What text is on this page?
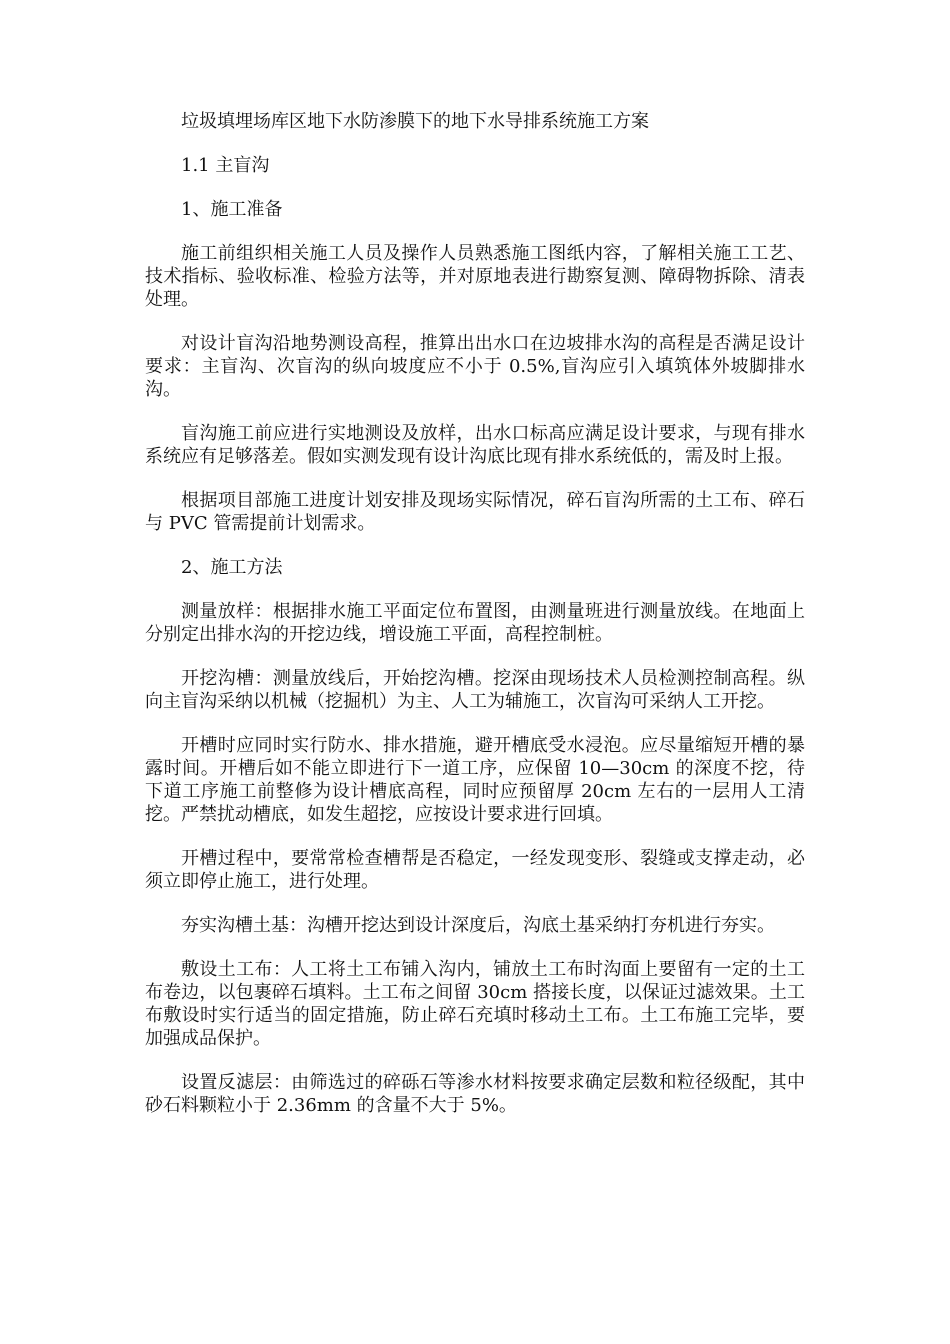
垃圾填埋场库区地下水防渗膜下的地下水导排系统施工方案

1.1 主盲沟

1、施工准备

施工前组织相关施工人员及操作人员熟悉施工图纸内容，了解相关施工工艺、技术指标、验收标准、检验方法等，并对原地表进行勘察复测、障碍物拆除、清表处理。

对设计盲沟沿地势测设高程，推算出出水口在边坡排水沟的高程是否满足设计要求：主盲沟、次盲沟的纵向坡度应不小于 0.5%,盲沟应引入填筑体外坡脚排水沟。

盲沟施工前应进行实地测设及放样，出水口标高应满足设计要求，与现有排水系统应有足够落差。假如实测发现有设计沟底比现有排水系统低的，需及时上报。

根据项目部施工进度计划安排及现场实际情况，碎石盲沟所需的土工布、碎石与 PVC 管需提前计划需求。

2、施工方法

测量放样：根据排水施工平面定位布置图，由测量班进行测量放线。在地面上分别定出排水沟的开挖边线，增设施工平面，高程控制桩。

开挖沟槽：测量放线后，开始挖沟槽。挖深由现场技术人员检测控制高程。纵向主盲沟采纳以机械（挖掘机）为主、人工为辅施工，次盲沟可采纳人工开挖。

开槽时应同时实行防水、排水措施，避开槽底受水浸泡。应尽量缩短开槽的暴露时间。开槽后如不能立即进行下一道工序，应保留 10—30cm 的深度不挖，待下道工序施工前整修为设计槽底高程，同时应预留厚 20cm 左右的一层用人工清挖。严禁扰动槽底，如发生超挖，应按设计要求进行回填。

开槽过程中，要常常检查槽帮是否稳定，一经发现变形、裂缝或支撑走动，必须立即停止施工，进行处理。

夯实沟槽土基：沟槽开挖达到设计深度后，沟底土基采纳打夯机进行夯实。

敷设土工布：人工将土工布铺入沟内，铺放土工布时沟面上要留有一定的土工布卷边，以包裹碎石填料。土工布之间留 30cm 搭接长度，以保证过滤效果。土工布敷设时实行适当的固定措施，防止碎石充填时移动土工布。土工布施工完毕，要加强成品保护。

设置反滤层：由筛选过的碎砾石等渗水材料按要求确定层数和粒径级配，其中砂石料颗粒小于 2.36mm 的含量不大于 5%。
